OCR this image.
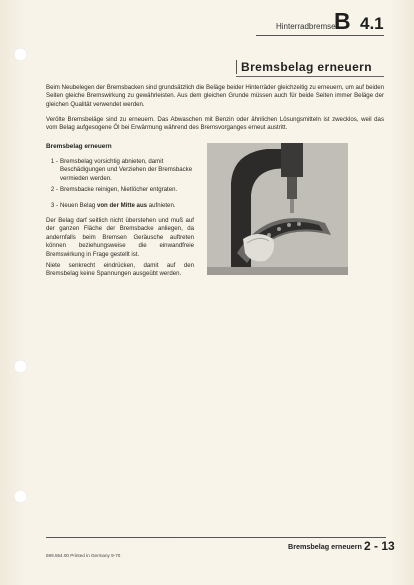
Hinterradbremse
B 4.1
Bremsbelag erneuern

Beim Neubelegen der Bremsbacken sind grundsätzlich die Beläge beider Hinterräder gleichzeitig zu erneuern, um auf beiden Seiten gleiche Bremswirkung zu gewährleisten. Aus dem gleichen Grunde müssen auch für beide Seiten immer Beläge der gleichen Qualität verwendet werden.

Verölte Bremsbeläge sind zu erneuern. Das Abwaschen mit Benzin oder ähnlichen Lösungsmitteln ist zwecklos, weil das vom Belag aufgesogene Öl bei Erwärmung während des Bremsvorganges erneut austritt.

Bremsbelag erneuern
1 - Bremsbelag vorsichtig abnieten, damit Beschädigungen und Verziehen der Bremsbacke vermieden werden.
2 - Bremsbacke reinigen, Nietlöcher entgraten.
3 - Neuen Belag von der Mitte aus aufnieten.

Der Belag darf seitlich nicht überstehen und muß auf der ganzen Fläche der Bremsbacke anliegen, da andernfalls beim Bremsen Geräusche auftreten können beziehungsweise die einwandfreie Bremswirkung in Frage gestellt ist.

Niete senkrecht eindrücken, damit auf den Bremsbelag keine Spannungen ausgeübt werden.

Bremsbelag erneuern 2 - 13
599.554.00 Printed in Germany 9-70
